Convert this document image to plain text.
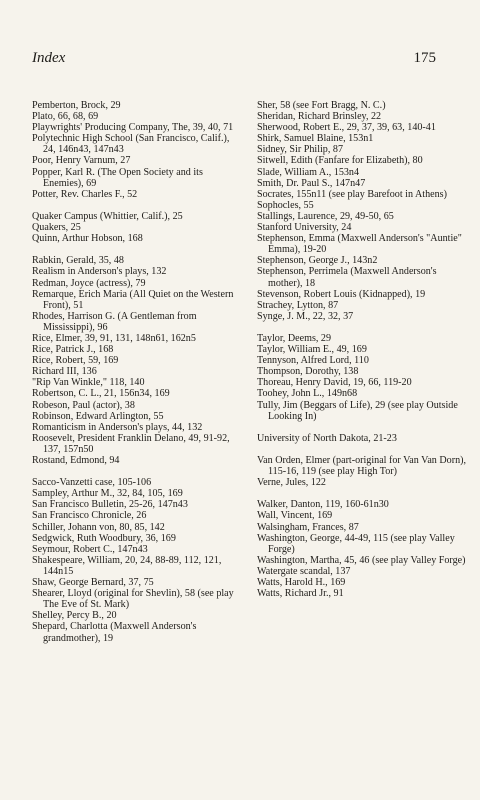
Index	175
Pemberton, Brock, 29
Plato, 66, 68, 69
Playwrights' Producing Company, The, 39, 40, 71
Polytechnic High School (San Francisco, Calif.), 24, 146n43, 147n43
Poor, Henry Varnum, 27
Popper, Karl R. (The Open Society and its Enemies), 69
Potter, Rev. Charles F., 52
Quaker Campus (Whittier, Calif.), 25
Quakers, 25
Quinn, Arthur Hobson, 168
Rabkin, Gerald, 35, 48
Realism in Anderson's plays, 132
Redman, Joyce (actress), 79
Remarque, Erich Maria (All Quiet on the Western Front), 51
Rhodes, Harrison G. (A Gentleman from Mississippi), 96
Rice, Elmer, 39, 91, 131, 148n61, 162n5
Rice, Patrick J., 168
Rice, Robert, 59, 169
Richard III, 136
"Rip Van Winkle," 118, 140
Robertson, C. L., 21, 156n34, 169
Robeson, Paul (actor), 38
Robinson, Edward Arlington, 55
Romanticism in Anderson's plays, 44, 132
Roosevelt, President Franklin Delano, 49, 91-92, 137, 157n50
Rostand, Edmond, 94
Sacco-Vanzetti case, 105-106
Sampley, Arthur M., 32, 84, 105, 169
San Francisco Bulletin, 25-26, 147n43
San Francisco Chronicle, 26
Schiller, Johann von, 80, 85, 142
Sedgwick, Ruth Woodbury, 36, 169
Seymour, Robert C., 147n43
Shakespeare, William, 20, 24, 88-89, 112, 121, 144n15
Shaw, George Bernard, 37, 75
Shearer, Lloyd (original for Shevlin), 58 (see play The Eve of St. Mark)
Shelley, Percy B., 20
Shepard, Charlotta (Maxwell Anderson's grandmother), 19
Sher, 58 (see Fort Bragg, N. C.)
Sheridan, Richard Brinsley, 22
Sherwood, Robert E., 29, 37, 39, 63, 140-41
Shirk, Samuel Blaine, 153n1
Sidney, Sir Philip, 87
Sitwell, Edith (Fanfare for Elizabeth), 80
Slade, William A., 153n4
Smith, Dr. Paul S., 147n47
Socrates, 155n11 (see play Barefoot in Athens)
Sophocles, 55
Stallings, Laurence, 29, 49-50, 65
Stanford University, 24
Stephenson, Emma (Maxwell Anderson's "Auntie" Emma), 19-20
Stephenson, George J., 143n2
Stephenson, Perrimela (Maxwell Anderson's mother), 18
Stevenson, Robert Louis (Kidnapped), 19
Strachey, Lytton, 87
Synge, J. M., 22, 32, 37
Taylor, Deems, 29
Taylor, William E., 49, 169
Tennyson, Alfred Lord, 110
Thompson, Dorothy, 138
Thoreau, Henry David, 19, 66, 119-20
Toohey, John L., 149n68
Tully, Jim (Beggars of Life), 29 (see play Outside Looking In)
University of North Dakota, 21-23
Van Orden, Elmer (part-original for Van Van Dorn), 115-16, 119 (see play High Tor)
Verne, Jules, 122
Walker, Danton, 119, 160-61n30
Wall, Vincent, 169
Walsingham, Frances, 87
Washington, George, 44-49, 115 (see play Valley Forge)
Washington, Martha, 45, 46 (see play Valley Forge)
Watergate scandal, 137
Watts, Harold H., 169
Watts, Richard Jr., 91
